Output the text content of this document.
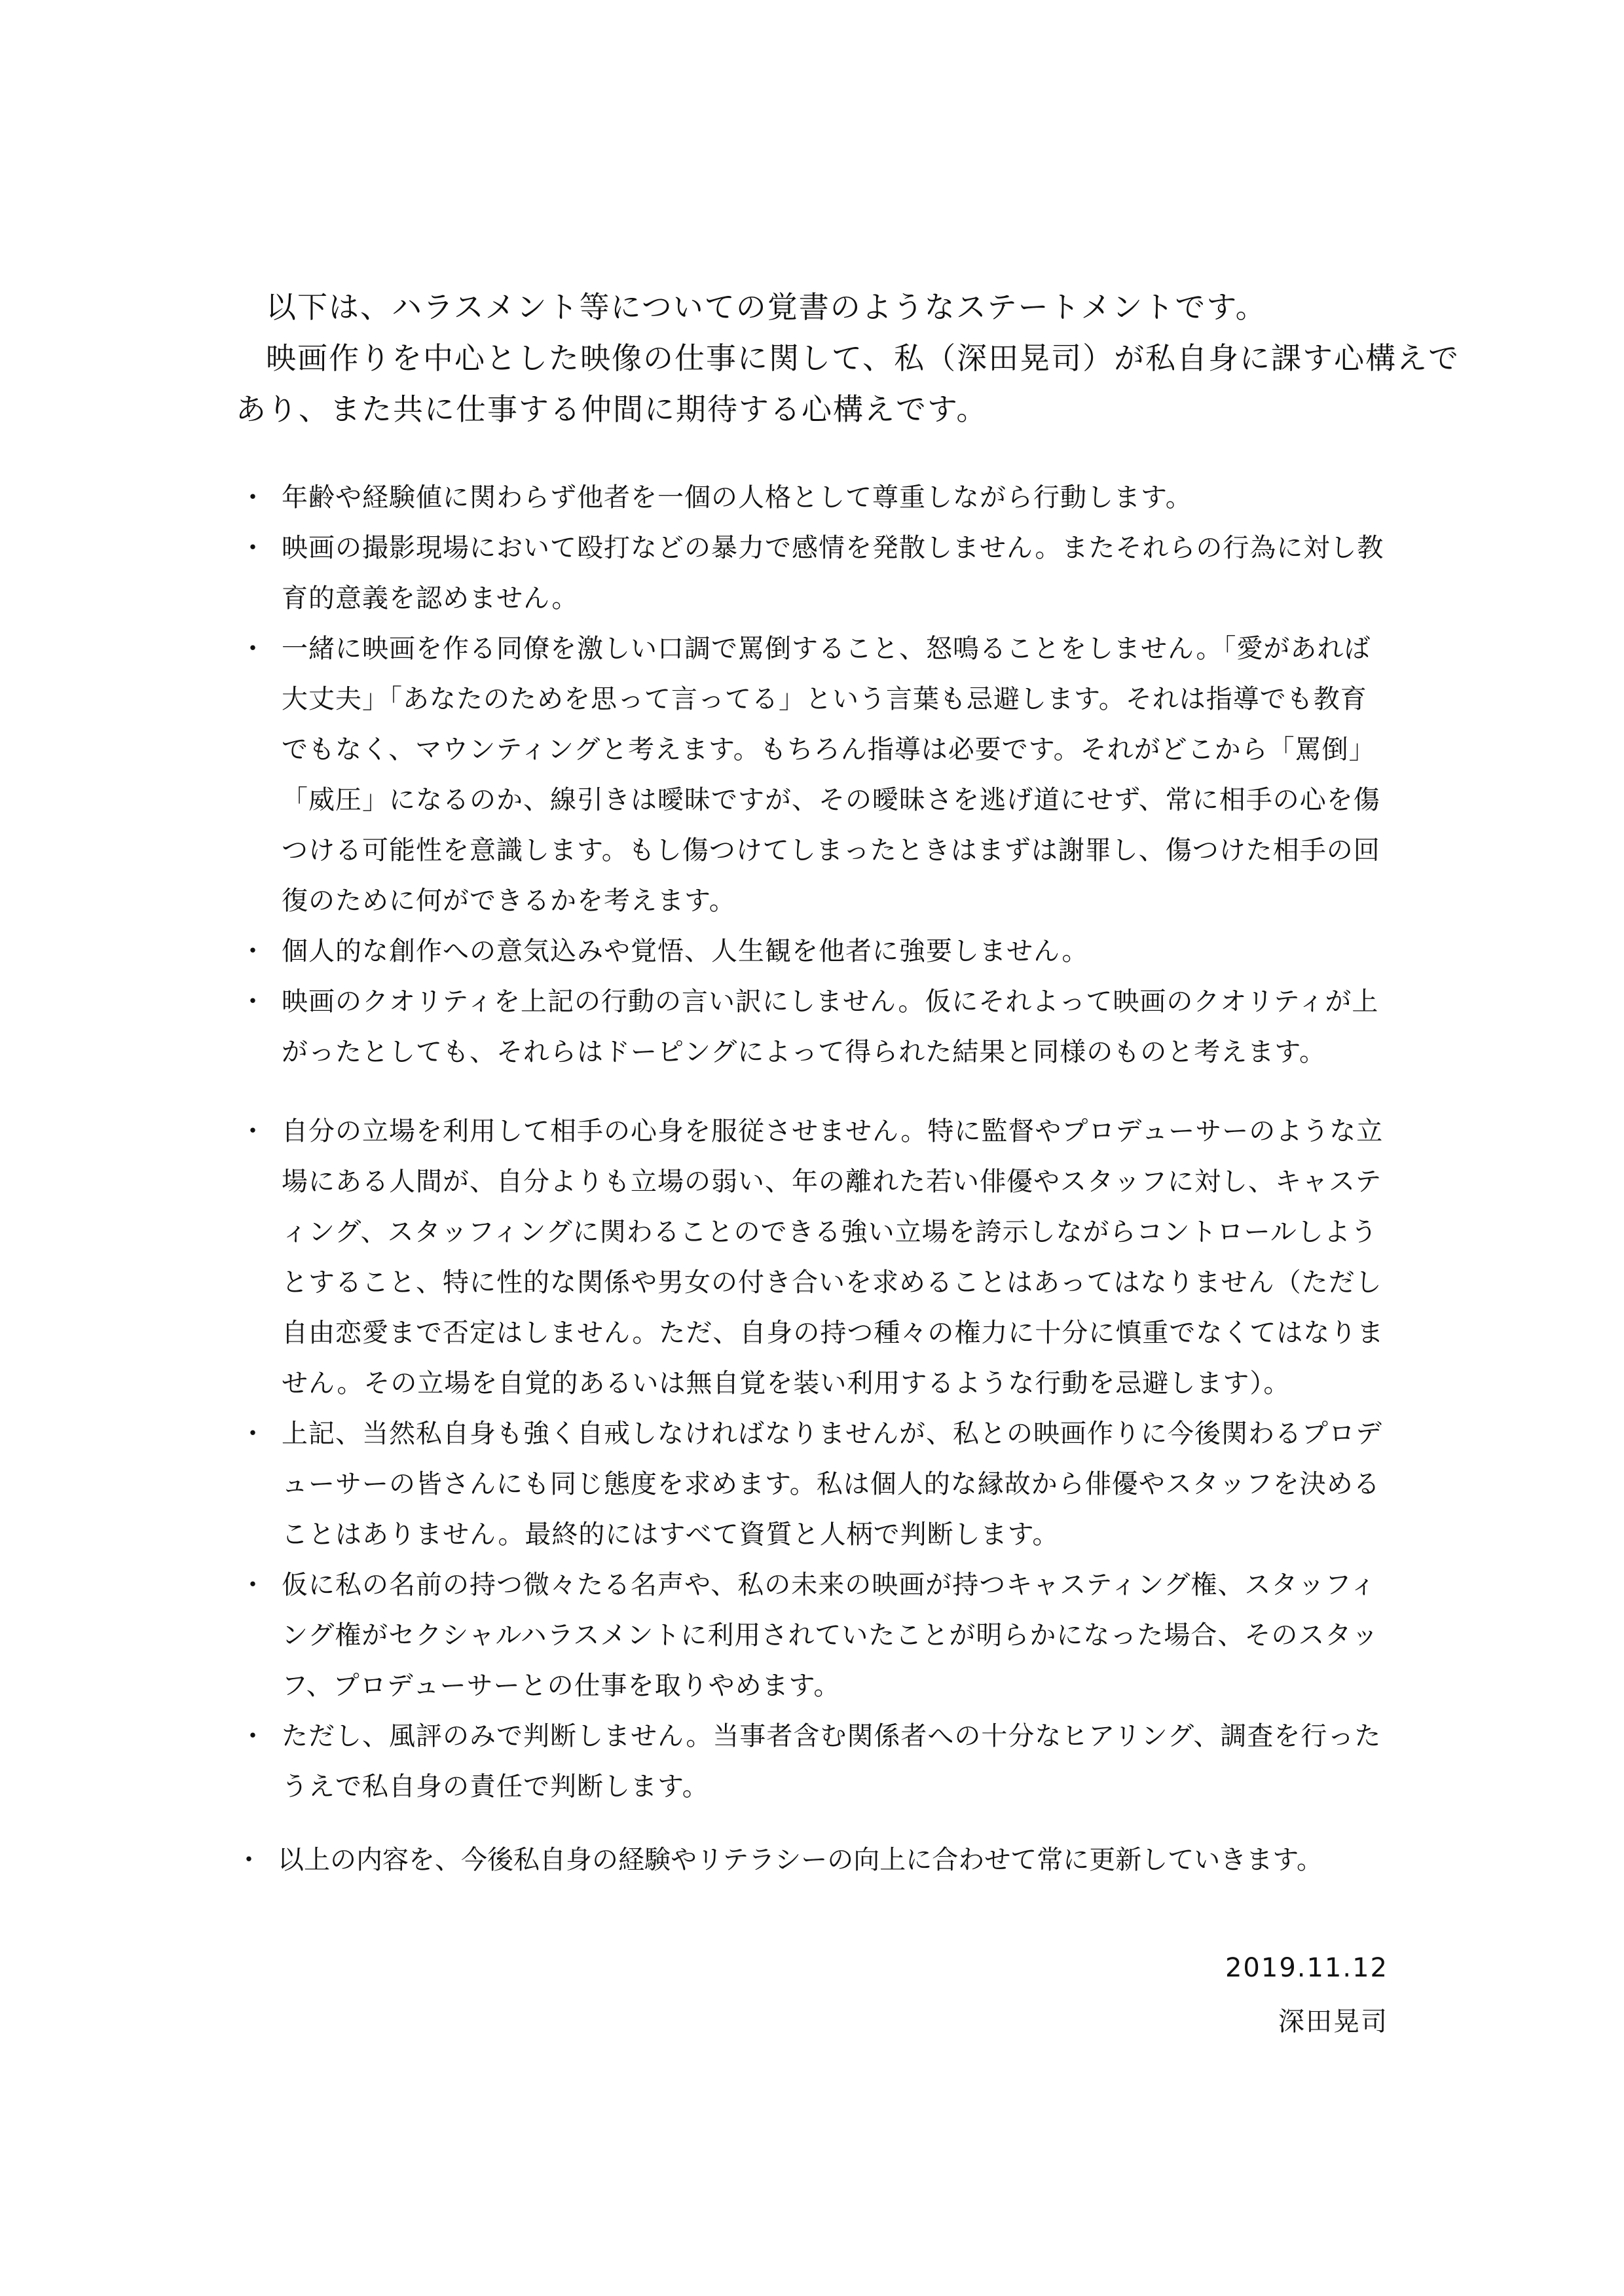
以下は、ハラスメント等についての覚書のようなステートメントです。

映画作りを中心とした映像の仕事に関して、私（深田晃司）が私自身に課す心構えで

あり、また共に仕事する仲間に期待する心構えです。

・ 年齢や経験値に関わらず他者を一個の人格として尊重しながら行動します。
・ 映画の撮影現場において殴打などの暴力で感情を発散しません。またそれらの行為に対し教
育的意義を認めません。
・ 一緒に映画を作る同僚を激しい口調で罵倒すること、怒鳴ることをしません。「愛があれば
大丈夫」「あなたのためを思って言ってる」という言葉も忌避します。それは指導でも教育
でもなく、マウンティングと考えます。もちろん指導は必要です。それがどこから「罵倒」
「威圧」になるのか、線引きは曖昧ですが、その曖昧さを逃げ道にせず、常に相手の心を傷
つける可能性を意識します。もし傷つけてしまったときはまずは謝罪し、傷つけた相手の回
復のために何ができるかを考えます。
・ 個人的な創作への意気込みや覚悟、人生観を他者に強要しません。
・ 映画のクオリティを上記の行動の言い訳にしません。仮にそれよって映画のクオリティが上
がったとしても、それらはドーピングによって得られた結果と同様のものと考えます。
・ 自分の立場を利用して相手の心身を服従させません。特に監督やプロデューサーのような立
場にある人間が、自分よりも立場の弱い、年の離れた若い俳優やスタッフに対し、キャステ
ィング、スタッフィングに関わることのできる強い立場を誇示しながらコントロールしよう
とすること、特に性的な関係や男女の付き合いを求めることはあってはなりません（ただし
自由恋愛まで否定はしません。ただ、自身の持つ種々の権力に十分に慎重でなくてはなりま
せん。その立場を自覚的あるいは無自覚を装い利用するような行動を忌避します）。
・ 上記、当然私自身も強く自戒しなければなりませんが、私との映画作りに今後関わるプロデ
ューサーの皆さんにも同じ態度を求めます。私は個人的な縁故から俳優やスタッフを決める
ことはありません。最終的にはすべて資質と人柄で判断します。
・ 仮に私の名前の持つ微々たる名声や、私の未来の映画が持つキャスティング権、スタッフィ
ング権がセクシャルハラスメントに利用されていたことが明らかになった場合、そのスタッ
フ、プロデューサーとの仕事を取りやめます。
・ ただし、風評のみで判断しません。当事者含む関係者への十分なヒアリング、調査を行った
うえで私自身の責任で判断します。
・ 以上の内容を、今後私自身の経験やリテラシーの向上に合わせて常に更新していきます。
2019.11.12
深田晃司
